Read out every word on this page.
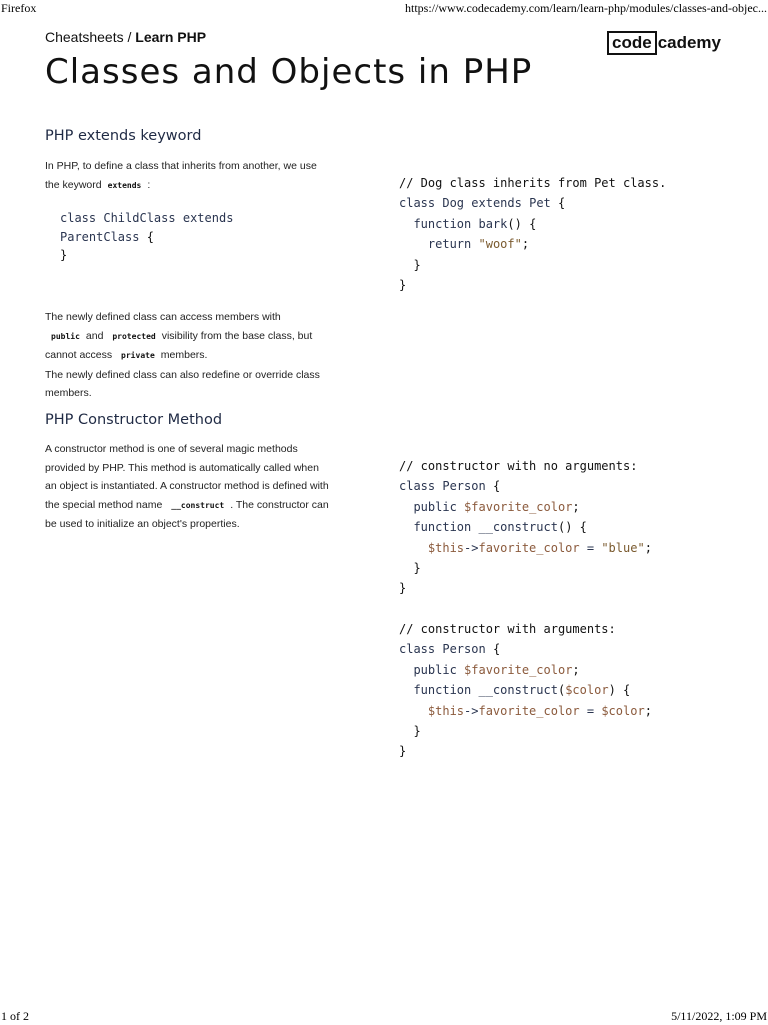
Firefox	https://www.codecademy.com/learn/learn-php/modules/classes-and-objec...
Cheatsheets / Learn PHP	code cademy
Classes and Objects in PHP
PHP extends keyword

In PHP, to define a class that inherits from another, we use the keyword extends :

class ChildClass extends
ParentClass {
}
// Dog class inherits from Pet class.
class Dog extends Pet {
function bark() {
return "woof";
}
}

The newly defined class can access members with public and protected visibility from the base class, but cannot access private members.
The newly defined class can also redefine or override class members.

PHP Constructor Method

A constructor method is one of several magic methods provided by PHP. This method is automatically called when an object is instantiated. A constructor method is defined with the special method name __construct . The constructor can be used to initialize an object's properties.

// constructor with no arguments:
class Person {
public $favorite_color;
function __construct() {
$this->favorite_color = "blue";
}
}
// constructor with arguments:
class Person {
public $favorite_color;
function __construct($color) {
$this->favorite_color = $color;
}
}
1 of 2	5/11/2022, 1:09 PM
